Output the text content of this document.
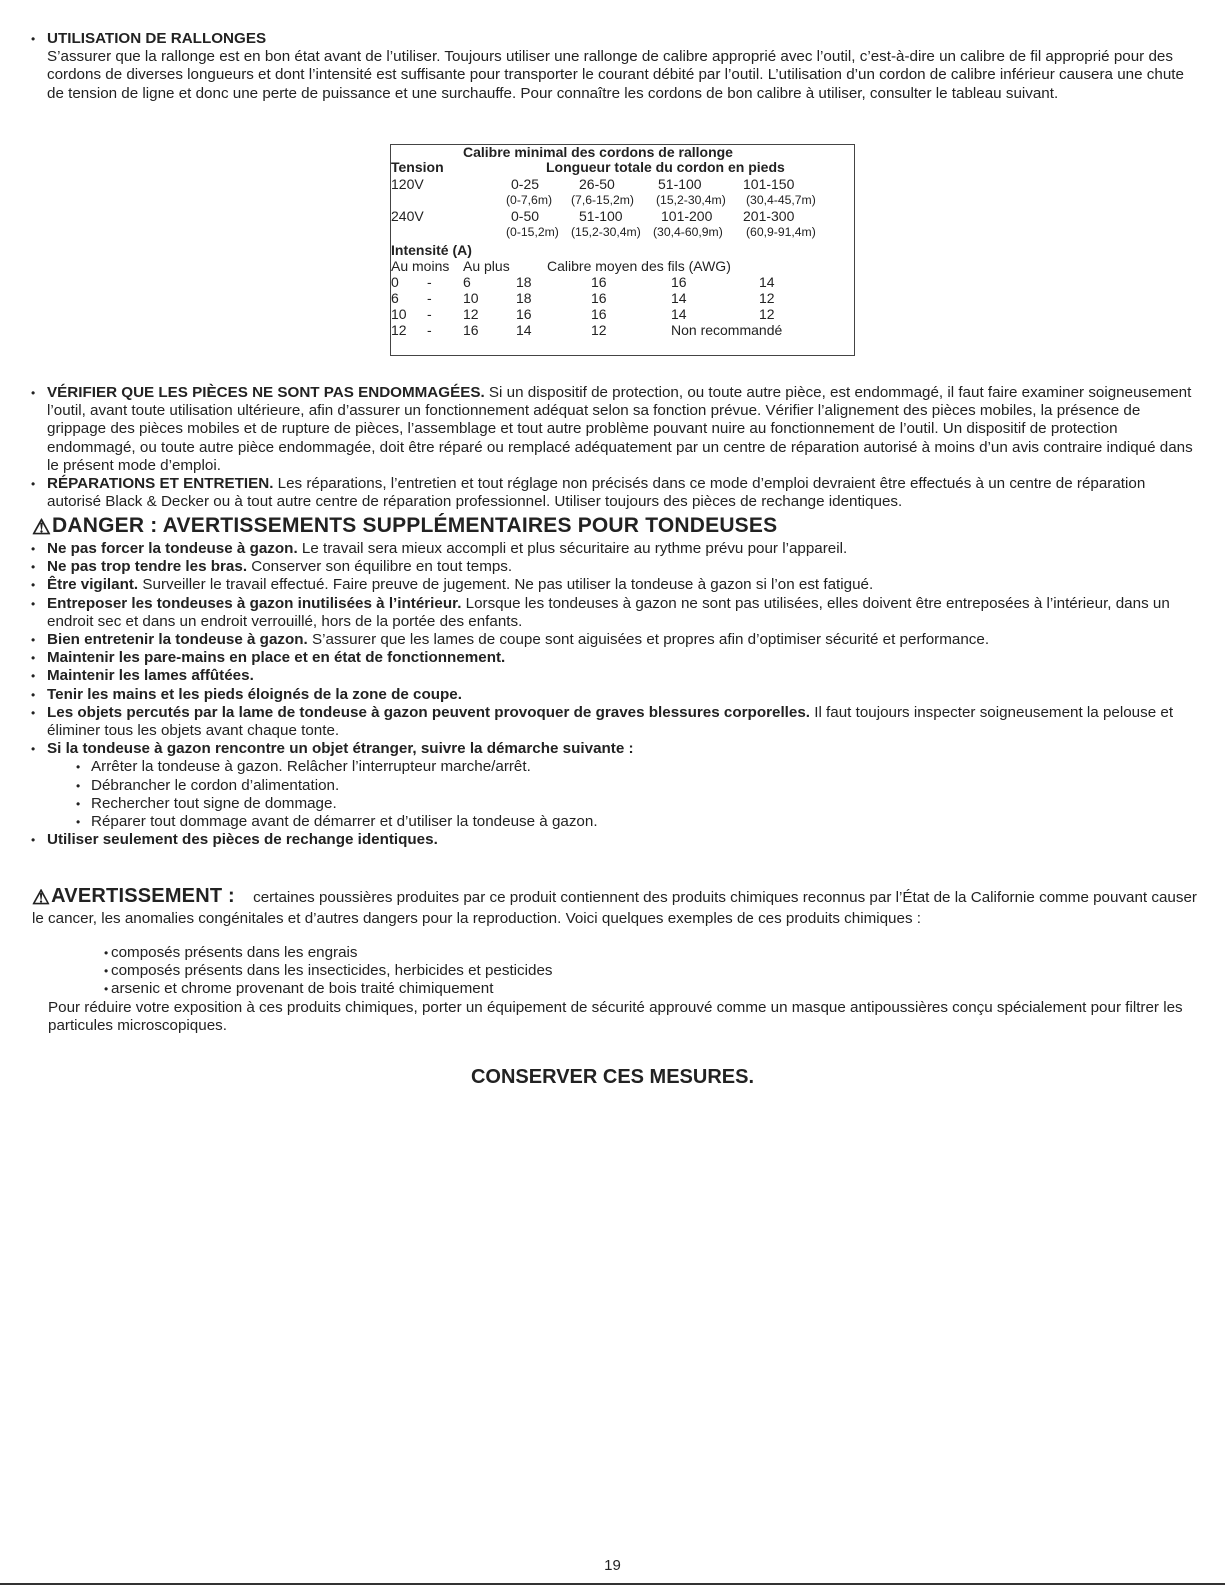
• UTILISATION DE RALLONGES

S’assurer que la rallonge est en bon état avant de l’utiliser. Toujours utiliser une rallonge de calibre approprié avec l’outil, c’est-à-dire un calibre de fil approprié pour des cordons de diverses longueurs et dont l’intensité est suffisante pour transporter le courant débité par l’outil. L’utilisation d’un cordon de calibre inférieur causera une chute de tension de ligne et donc une perte de puissance et une surchauffe. Pour connaître les cordons de bon calibre à utiliser, consulter le tableau suivant.

Calibre minimal des cordons de rallonge
Tension	Longueur totale du cordon en pieds
120V	0-25	26-50	51-100	101-150
(0-7,6m) (7,6-15,2m) (15,2-30,4m) (30,4-45,7m)
240V	0-50	51-100	101-200 201-300
(0-15,2m) (15,2-30,4m) (30,4-60,9m) (60,9-91,4m)
Intensité (A)
Au moins Au plus	Calibre moyen des fils (AWG)
0 - 6	18	16	16	14
6 - 10	18	16	14	12
10 - 12	16	16	14	12
12 - 16	14	12	Non recommandé
• VÉRIFIER QUE LES PIÈCES NE SONT PAS ENDOMMAGÉES. Si un dispositif de protection, ou toute autre pièce, est endommagé, il faut faire examiner soigneusement l’outil, avant toute utilisation ultérieure, afin d’assurer un fonctionnement adéquat selon sa fonction prévue. Vérifier l’alignement des pièces mobiles, la présence de grippage des pièces mobiles et de rupture de pièces, l’assemblage et tout autre problème pouvant nuire au fonctionnement de l’outil. Un dispositif de protection endommagé, ou toute autre pièce endommagée, doit être réparé ou remplacé adéquatement par un centre de réparation autorisé à moins d’un avis contraire indiqué dans le présent mode d’emploi.
• RÉPARATIONS ET ENTRETIEN. Les réparations, l’entretien et tout réglage non précisés dans ce mode d’emploi devraient être effectués à un centre de réparation autorisé Black & Decker ou à tout autre centre de réparation professionnel. Utiliser toujours des pièces de rechange identiques.
⚠DANGER : AVERTISSEMENTS SUPPLÉMENTAIRES POUR TONDEUSES
• Ne pas forcer la tondeuse à gazon. Le travail sera mieux accompli et plus sécuritaire au rythme prévu pour l’appareil.
• Ne pas trop tendre les bras. Conserver son équilibre en tout temps.
• Être vigilant. Surveiller le travail effectué. Faire preuve de jugement. Ne pas utiliser la tondeuse à gazon si l’on est fatigué.
• Entreposer les tondeuses à gazon inutilisées à l’intérieur. Lorsque les tondeuses à gazon ne sont pas utilisées, elles doivent être entreposées à l’intérieur, dans un endroit sec et dans un endroit verrouillé, hors de la portée des enfants.
• Bien entretenir la tondeuse à gazon. S’assurer que les lames de coupe sont aiguisées et propres afin d’optimiser sécurité et performance.
• Maintenir les pare-mains en place et en état de fonctionnement.
• Maintenir les lames affûtées.
• Tenir les mains et les pieds éloignés de la zone de coupe.
• Les objets percutés par la lame de tondeuse à gazon peuvent provoquer de graves blessures corporelles. Il faut toujours inspecter soigneusement la pelouse et éliminer tous les objets avant chaque tonte.
• Si la tondeuse à gazon rencontre un objet étranger, suivre la démarche suivante :
• Arrêter la tondeuse à gazon. Relâcher l’interrupteur marche/arrêt.
• Débrancher le cordon d’alimentation.
• Rechercher tout signe de dommage.
• Réparer tout dommage avant de démarrer et d’utiliser la tondeuse à gazon.
• Utiliser seulement des pièces de rechange identiques.

⚠AVERTISSEMENT : certaines poussières produites par ce produit contiennent des produits chimiques reconnus par l’État de la Californie comme pouvant causer le cancer, les anomalies congénitales et d’autres dangers pour la reproduction. Voici quelques exemples de ces produits chimiques :

• composés présents dans les engrais
• composés présents dans les insecticides, herbicides et pesticides
• arsenic et chrome provenant de bois traité chimiquement

Pour réduire votre exposition à ces produits chimiques, porter un équipement de sécurité approuvé comme un masque antipoussières conçu spécialement pour filtrer les particules microscopiques.

CONSERVER CES MESURES.
19
